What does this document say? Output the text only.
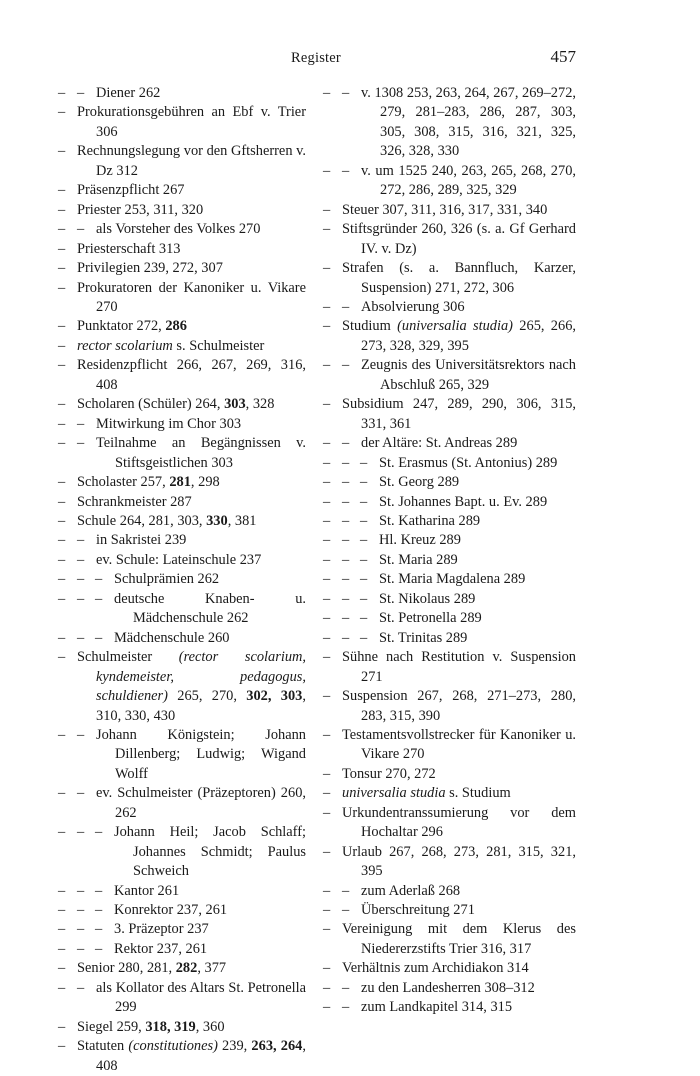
Register	457
– – Diener 262
– Prokurationsgebühren an Ebf v. Trier 306
– Rechnungslegung vor den Gftsherren v. Dz 312
– Präsenzpflicht 267
– Priester 253, 311, 320
– – als Vorsteher des Volkes 270
– Priesterschaft 313
– Privilegien 239, 272, 307
– Prokuratoren der Kanoniker u. Vikare 270
– Punktator 272, 286
– rector scolarium s. Schulmeister
– Residenzpflicht 266, 267, 269, 316, 408
– Scholaren (Schüler) 264, 303, 328
– – Mitwirkung im Chor 303
– – Teilnahme an Begängnissen v. Stiftsgeistlichen 303
– Scholaster 257, 281, 298
– Schrankmeister 287
– Schule 264, 281, 303, 330, 381
– – in Sakristei 239
– – ev. Schule: Lateinschule 237
– – – Schulprämien 262
– – – deutsche Knaben- u. Mädchenschule 262
– – – Mädchenschule 260
– Schulmeister (rector scolarium, kyndemeister, pedagogus, schuldiener) 265, 270, 302, 303, 310, 330, 430
– – Johann Königstein; Johann Dillenberg; Ludwig; Wigand Wolff
– – ev. Schulmeister (Präzeptoren) 260, 262
– – – Johann Heil; Jacob Schlaff; Johannes Schmidt; Paulus Schweich
– – – Kantor 261
– – – Konrektor 237, 261
– – – 3. Präzeptor 237
– – – Rektor 237, 261
– Senior 280, 281, 282, 377
– – als Kollator des Altars St. Petronella 299
– Siegel 259, 318, 319, 360
– Statuten (constitutiones) 239, 263, 264, 408
– – v. 1308 253, 263, 264, 267, 269–272, 279, 281–283, 286, 287, 303, 305, 308, 315, 316, 321, 325, 326, 328, 330
– – v. um 1525 240, 263, 265, 268, 270, 272, 286, 289, 325, 329
– Steuer 307, 311, 316, 317, 331, 340
– Stiftsgründer 260, 326 (s. a. Gf Gerhard IV. v. Dz)
– Strafen (s. a. Bannfluch, Karzer, Suspension) 271, 272, 306
– – Absolvierung 306
– Studium (universalia studia) 265, 266, 273, 328, 329, 395
– – Zeugnis des Universitätsrektors nach Abschluß 265, 329
– Subsidium 247, 289, 290, 306, 315, 331, 361
– – der Altäre: St. Andreas 289
– – – St. Erasmus (St. Antonius) 289
– – – St. Georg 289
– – – St. Johannes Bapt. u. Ev. 289
– – – St. Katharina 289
– – – Hl. Kreuz 289
– – – St. Maria 289
– – – St. Maria Magdalena 289
– – – St. Nikolaus 289
– – – St. Petronella 289
– – – St. Trinitas 289
– Sühne nach Restitution v. Suspension 271
– Suspension 267, 268, 271–273, 280, 283, 315, 390
– Testamentsvollstrecker für Kanoniker u. Vikare 270
– Tonsur 270, 272
– universalia studia s. Studium
– Urkundentranssumierung vor dem Hochaltar 296
– Urlaub 267, 268, 273, 281, 315, 321, 395
– – zum Aderlaß 268
– – Überschreitung 271
– Vereinigung mit dem Klerus des Niedererzstifts Trier 316, 317
– Verhältnis zum Archidiakon 314
– – zu den Landesherren 308–312
– – zum Landkapitel 314, 315
